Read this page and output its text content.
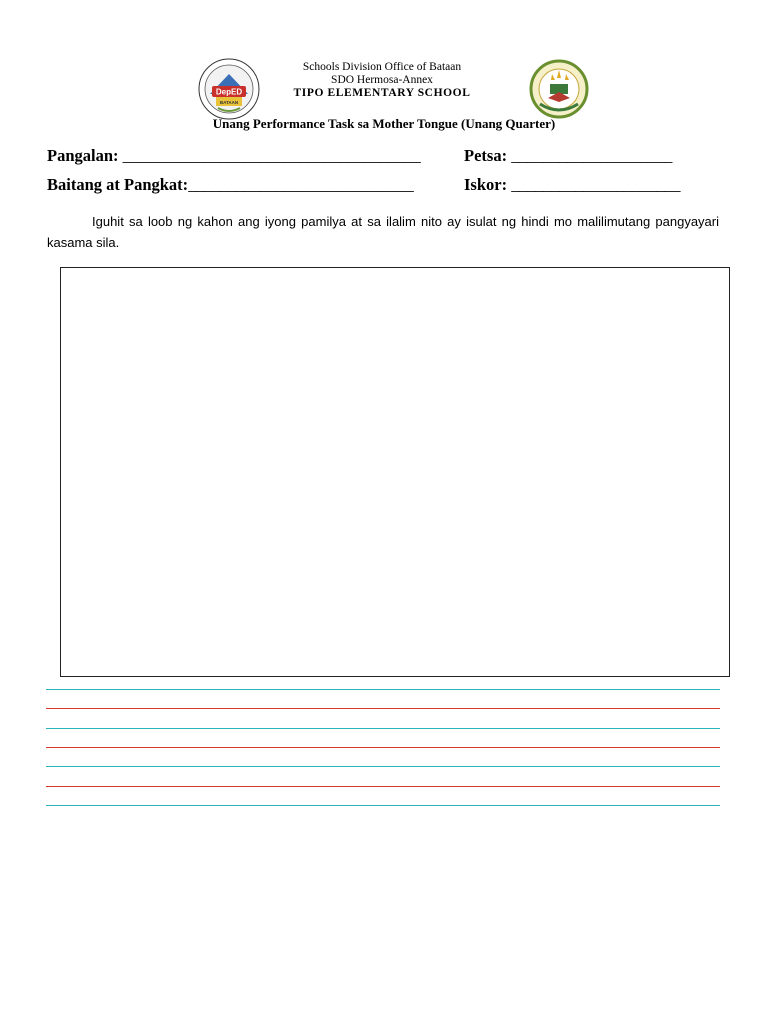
DepED
BATAAN
Schools Division Office of Bataan
SDO Hermosa-Annex
TIPO ELEMENTARY SCHOOL
Unang Performance Task sa Mother Tongue (Unang Quarter)
Pangalan: _____________________________________	Petsa: ____________________
Baitang at Pangkat:____________________________	Iskor: _____________________
Iguhit sa loob ng kahon ang iyong pamilya at sa ilalim nito ay isulat ng hindi mo malilimutang pangyayari kasama sila.
